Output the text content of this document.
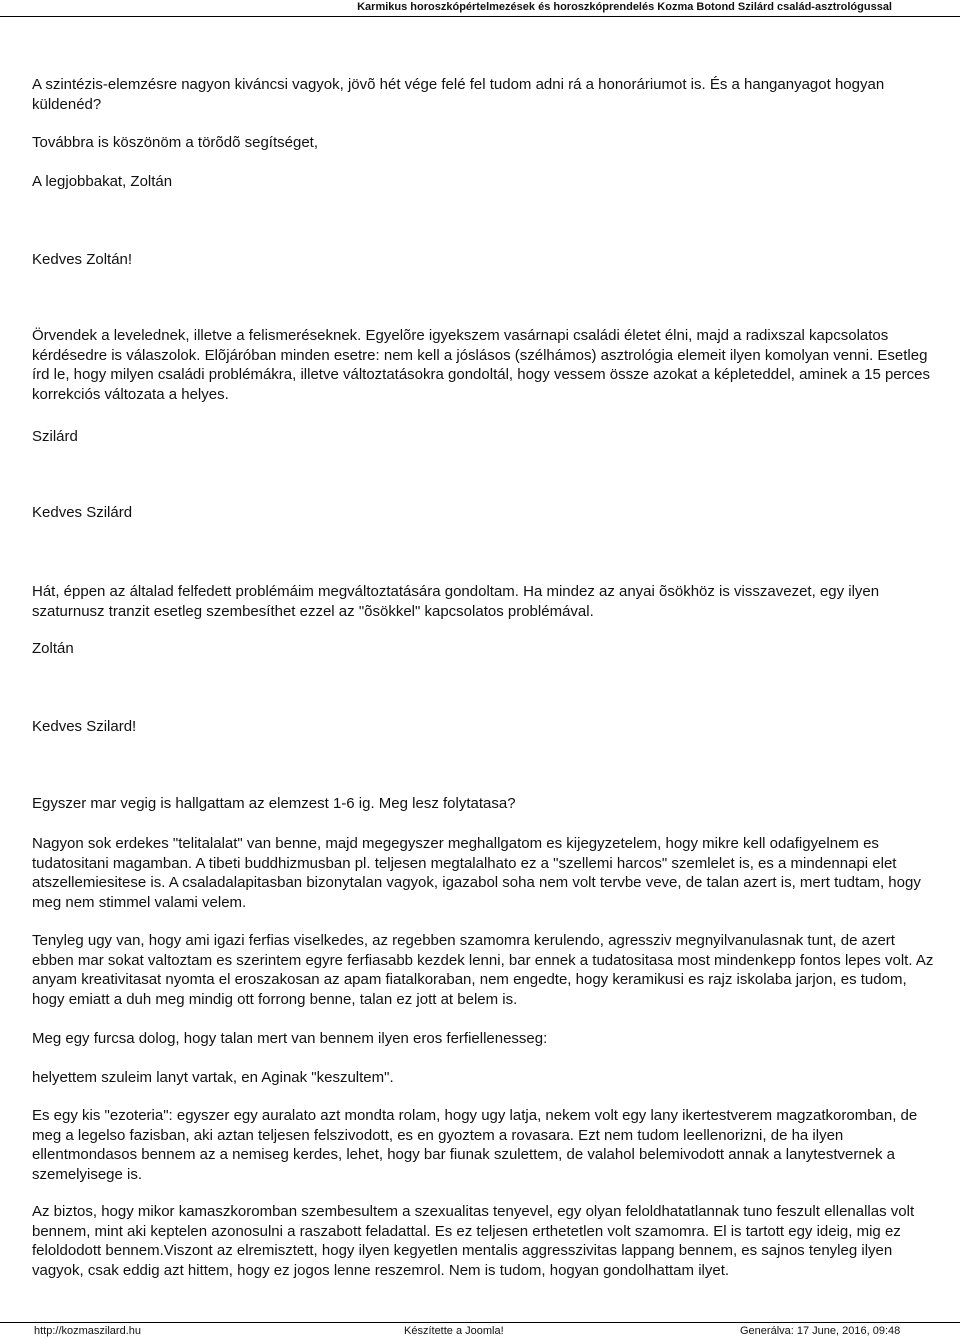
Karmikus horoszkópértelmezések és horoszkóprendelés Kozma Botond Szilárd család-asztrológussal

A szintézis-elemzésre nagyon kiváncsi vagyok, jövõ hét vége felé fel tudom adni rá a honoráriumot is. És a hanganyagot hogyan küldenéd?

Továbbra is köszönöm a törõdõ segítséget,

A legjobbakat, Zoltán

Kedves Zoltán!

Örvendek a levelednek, illetve a felismeréseknek. Egyelõre igyekszem vasárnapi családi életet élni, majd a radixszal kapcsolatos kérdésedre is válaszolok. Elõjáróban minden esetre: nem kell a jóslásos (szélhámos) asztrológia elemeit ilyen komolyan venni. Esetleg írd le, hogy milyen családi problémákra, illetve változtatásokra gondoltál, hogy vessem össze azokat a képleteddel, aminek a 15 perces korrekciós változata a helyes.

Szilárd

Kedves Szilárd

Hát, éppen az általad felfedett problémáim megváltoztatására gondoltam. Ha mindez az anyai õsökhöz is visszavezet, egy ilyen szaturnusz tranzit esetleg szembesíthet ezzel az "õsökkel" kapcsolatos problémával.

Zoltán

Kedves Szilard!

Egyszer mar vegig is hallgattam az elemzest 1-6 ig. Meg lesz folytatasa?

Nagyon sok erdekes "telitalalat" van benne, majd megegyszer meghallgatom es kijegyzetelem, hogy mikre kell odafigyelnem es tudatositani magamban. A tibeti buddhizmusban pl. teljesen megtalalhato ez a "szellemi harcos" szemlelet is, es a mindennapi elet atszellemiesitese is. A csaladalapitasban bizonytalan vagyok, igazabol soha nem volt tervbe veve, de talan azert is, mert tudtam, hogy meg nem stimmel valami velem.

Tenyleg ugy van, hogy ami igazi ferfias viselkedes, az regebben szamomra kerulendo, agressziv megnyilvanulasnak tunt, de azert ebben mar sokat valtoztam es szerintem egyre ferfiasabb kezdek lenni, bar ennek a tudatositasa most mindenkepp fontos lepes volt. Az anyam kreativitasat nyomta el eroszakosan az apam fiatalkoraban, nem engedte, hogy keramikusi es rajz iskolaba jarjon, es tudom, hogy emiatt a duh meg mindig ott forrong benne, talan ez jott at belem is.

Meg egy furcsa dolog, hogy talan mert van bennem ilyen eros ferfiellenesseg:

helyettem szuleim lanyt vartak, en Aginak "keszultem".

Es egy kis "ezoteria": egyszer egy auralato azt mondta rolam, hogy ugy latja, nekem volt egy lany ikertestverem magzatkoromban, de meg a legelso fazisban, aki aztan teljesen felszivodott, es en gyoztem a rovasara. Ezt nem tudom leellenorizni, de ha ilyen ellentmondasos bennem az a nemiseg kerdes, lehet, hogy bar fiunak szulettem, de valahol belemivodott annak a lanytestvernek a szemelyisege is.

Az biztos, hogy mikor kamaszkoromban szembesultem a szexualitas tenyevel, egy olyan feloldhatatlannak tuno feszult ellenallas volt bennem, mint aki keptelen azonosulni a raszabott feladattal. Es ez teljesen erthetetlen volt szamomra. El is tartott egy ideig, mig ez feloldodott bennem.Viszont az elremisztett, hogy ilyen kegyetlen mentalis aggresszivitas lappang bennem, es sajnos tenyleg ilyen vagyok, csak eddig azt hittem, hogy ez jogos lenne reszemrol. Nem is tudom, hogyan gondolhattam ilyet.

http://kozmaszilard.hu	Készítette a Joomla!	Generálva: 17 June, 2016, 09:48
